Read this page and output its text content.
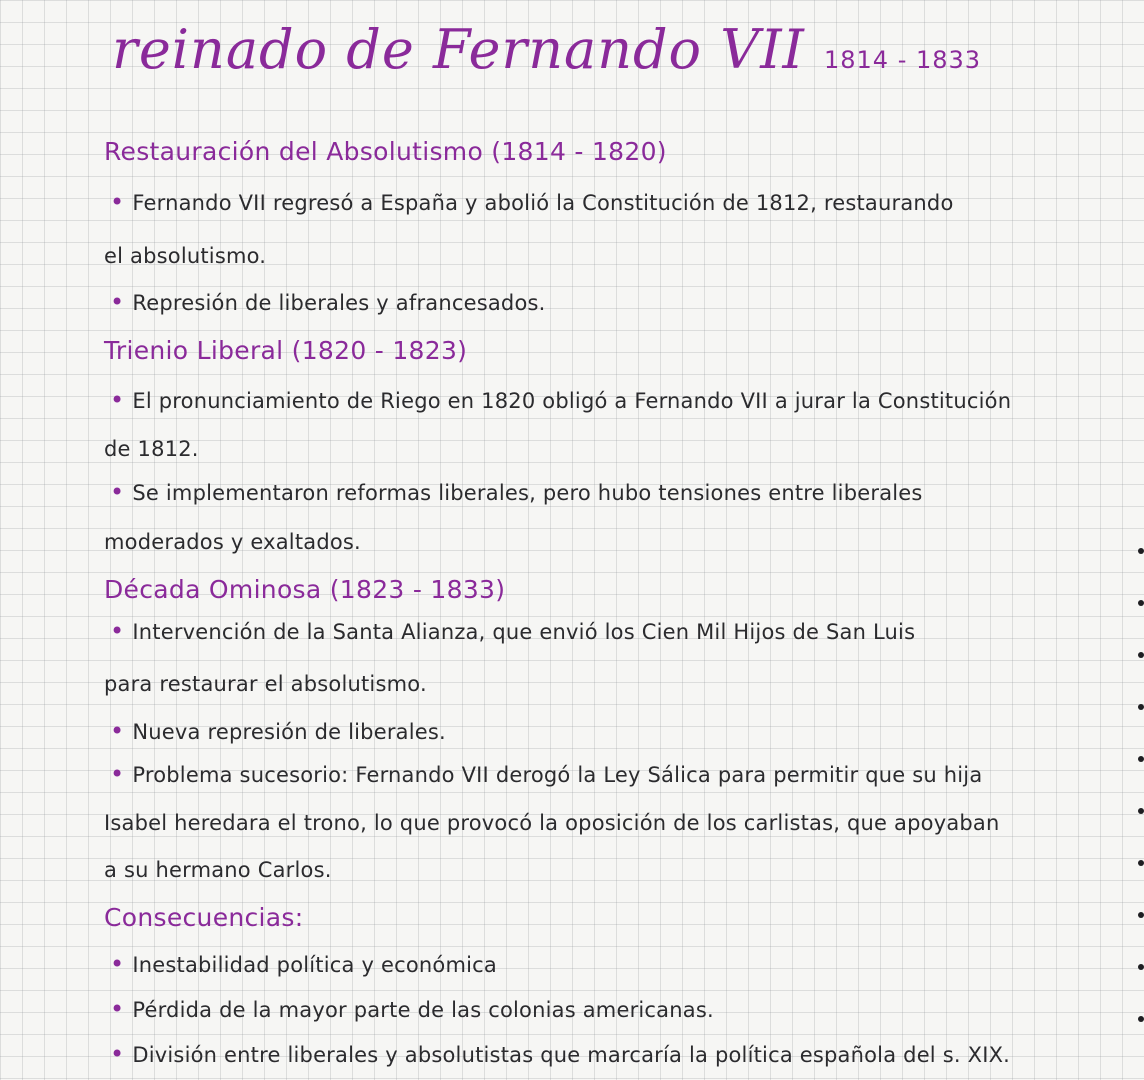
reinado de Fernando VII 1814 - 1833
Restauración del Absolutismo (1814 - 1820)
• Fernando VII regresó a España y abolió la Constitución de 1812, restaurando
el absolutismo.
• Represión de liberales y afrancesados.
Trienio Liberal (1820 - 1823)
• El pronunciamiento de Riego en 1820 obligó a Fernando VII a jurar la Constitución
de 1812.
• Se implementaron reformas liberales, pero hubo tensiones entre liberales
moderados y exaltados.
Década Ominosa (1823 - 1833)
• Intervención de la Santa Alianza, que envió los Cien Mil Hijos de San Luis
para restaurar el absolutismo.
• Nueva represión de liberales.
• Problema sucesorio: Fernando VII derogó la Ley Sálica para permitir que su hija
Isabel heredara el trono, lo que provocó la oposición de los carlistas, que apoyaban
a su hermano Carlos.
Consecuencias:
• Inestabilidad política y económica
• Pérdida de la mayor parte de las colonias americanas.
• División entre liberales y absolutistas que marcaría la política española del s. XIX.
